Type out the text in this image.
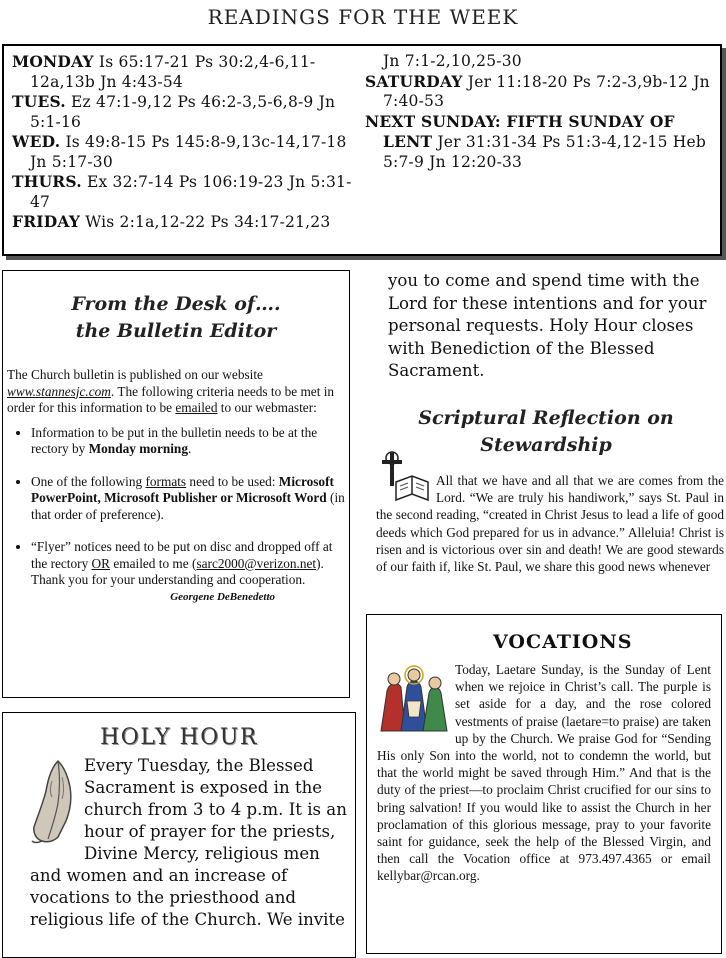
READINGS FOR THE WEEK
MONDAY Is 65:17-21 Ps 30:2,4-6,11-12a,13b Jn 4:43-54
TUES. Ez 47:1-9,12 Ps 46:2-3,5-6,8-9 Jn 5:1-16
WED. Is 49:8-15 Ps 145:8-9,13c-14,17-18 Jn 5:17-30
THURS. Ex 32:7-14 Ps 106:19-23 Jn 5:31-47
FRIDAY Wis 2:1a,12-22 Ps 34:17-21,23
Jn 7:1-2,10,25-30
SATURDAY Jer 11:18-20 Ps 7:2-3,9b-12 Jn 7:40-53
NEXT SUNDAY: FIFTH SUNDAY OF LENT Jer 31:31-34 Ps 51:3-4,12-15 Heb 5:7-9 Jn 12:20-33
From the Desk of….
the Bulletin Editor
The Church bulletin is published on our website www.stannesjc.com. The following criteria needs to be met in order for this information to be emailed to our webmaster:
• Information to be put in the bulletin needs to be at the rectory by Monday morning.
• One of the following formats need to be used: Microsoft PowerPoint, Microsoft Publisher or Microsoft Word (in that order of preference).
• “Flyer” notices need to be put on disc and dropped off at the rectory OR emailed to me (sarc2000@verizon.net).
Thank you for your understanding and cooperation.
Georgene DeBenedetto
HOLY HOUR
Every Tuesday, the Blessed Sacrament is exposed in the church from 3 to 4 p.m. It is an hour of prayer for the priests, Divine Mercy, religious men and women and an increase of vocations to the priesthood and religious life of the Church. We invite
you to come and spend time with the Lord for these intentions and for your personal requests. Holy Hour closes with Benediction of the Blessed Sacrament.
Scriptural Reflection on Stewardship
All that we have and all that we are comes from the Lord. “We are truly his handiwork,” says St. Paul in the second reading, “created in Christ Jesus to lead a life of good deeds which God prepared for us in advance.” Alleluia! Christ is risen and is victorious over sin and death! We are good stewards of our faith if, like St. Paul, we share this good news whenever
VOCATIONS
Today, Laetare Sunday, is the Sunday of Lent when we rejoice in Christ’s call. The purple is set aside for a day, and the rose colored vestments of praise (laetare=to praise) are taken up by the Church. We praise God for “Sending His only Son into the world, not to condemn the world, but that the world might be saved through Him.” And that is the duty of the priest—to proclaim Christ crucified for our sins to bring salvation! If you would like to assist the Church in her proclamation of this glorious message, pray to your favorite saint for guidance, seek the help of the Blessed Virgin, and then call the Vocation office at 973.497.4365 or email kellybar@rcan.org.
